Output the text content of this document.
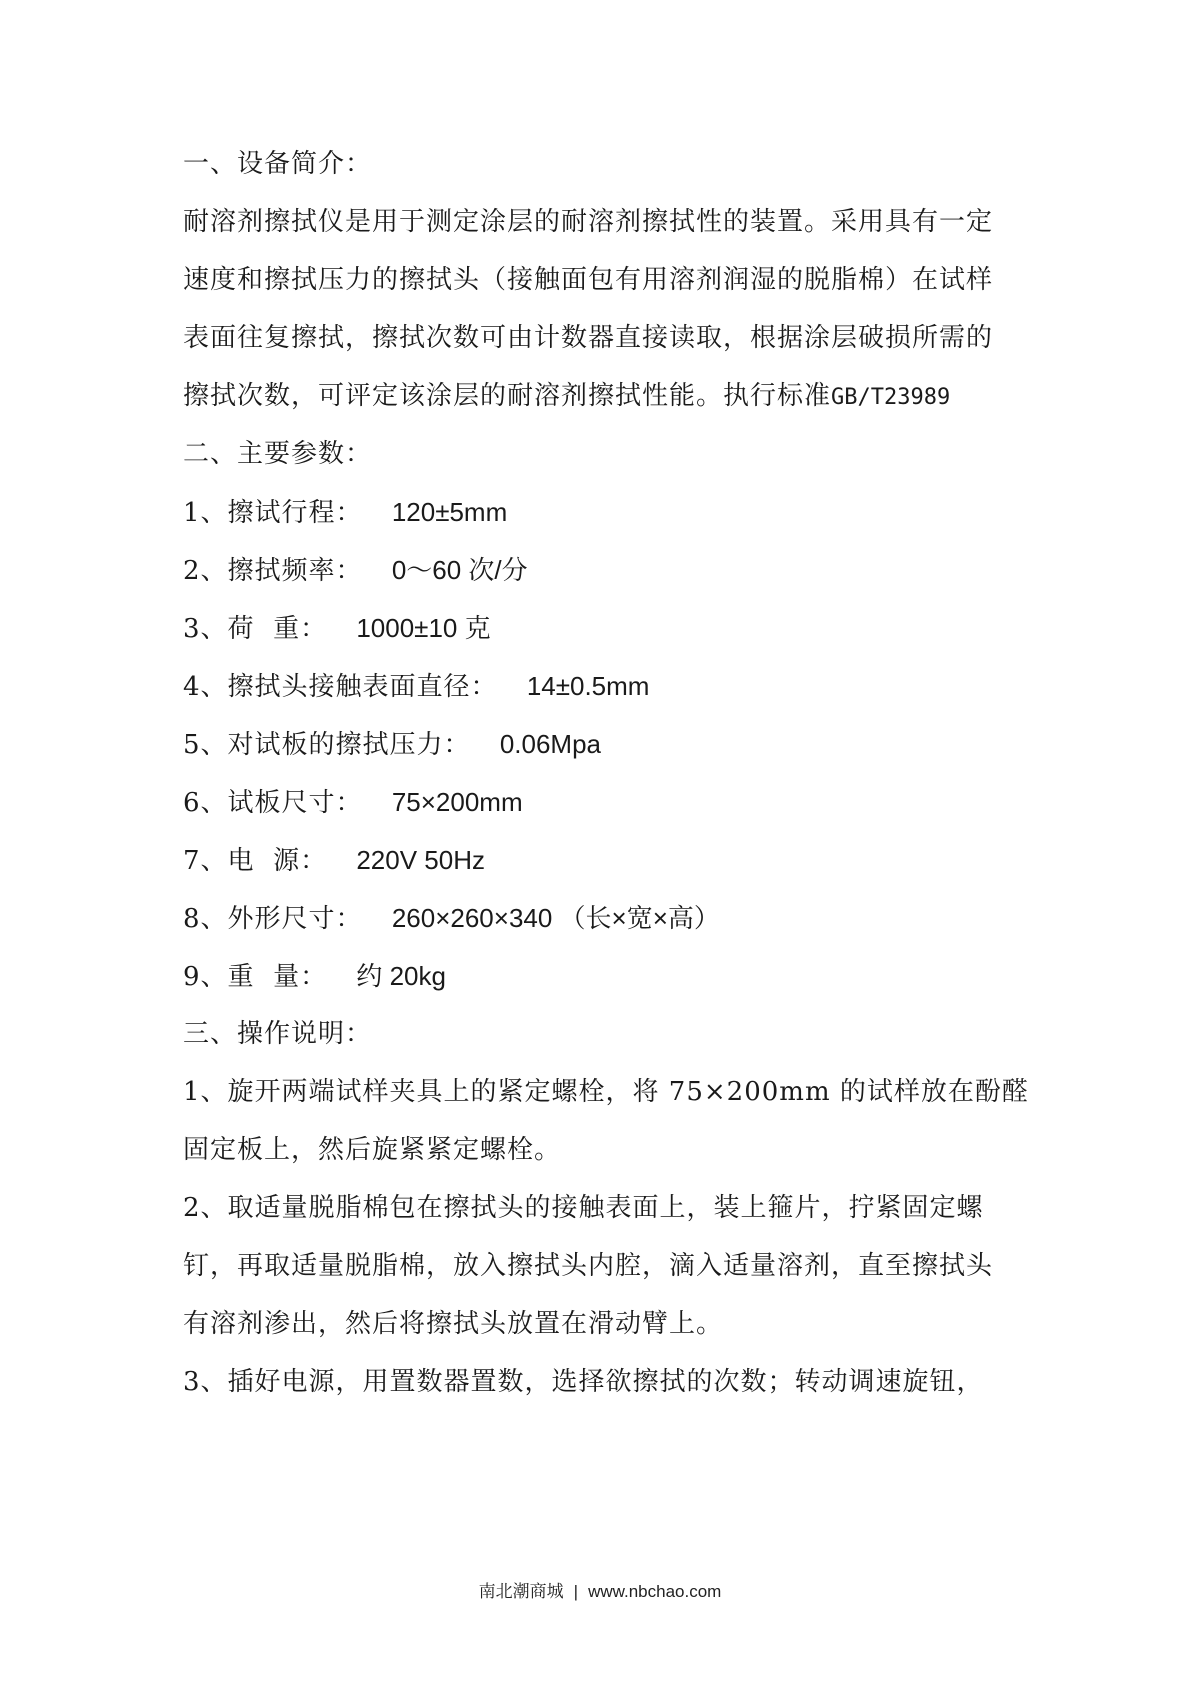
一、设备简介：
耐溶剂擦拭仪是用于测定涂层的耐溶剂擦拭性的装置。采用具有一定
速度和擦拭压力的擦拭头（接触面包有用溶剂润湿的脱脂棉）在试样
表面往复擦拭，擦拭次数可由计数器直接读取，根据涂层破损所需的
擦拭次数，可评定该涂层的耐溶剂擦拭性能。执行标准GB/T23989
二、主要参数：
1、擦试行程： 120±5mm
2、擦拭频率： 0～60 次/分
3、荷  重： 1000±10 克
4、擦拭头接触表面直径： 14±0.5mm
5、对试板的擦拭压力： 0.06Mpa
6、试板尺寸： 75×200mm
7、电  源： 220V 50Hz
8、外形尺寸： 260×260×340 （长×宽×高）
9、重  量： 约 20kg
三、操作说明：
1、旋开两端试样夹具上的紧定螺栓，将 75×200mm 的试样放在酚醛
固定板上，然后旋紧紧定螺栓。
2、取适量脱脂棉包在擦拭头的接触表面上，装上箍片，拧紧固定螺
钉，再取适量脱脂棉，放入擦拭头内腔，滴入适量溶剂，直至擦拭头
有溶剂渗出，然后将擦拭头放置在滑动臂上。
3、插好电源，用置数器置数，选择欲擦拭的次数；转动调速旋钮，
南北潮商城 | www.nbchao.com
